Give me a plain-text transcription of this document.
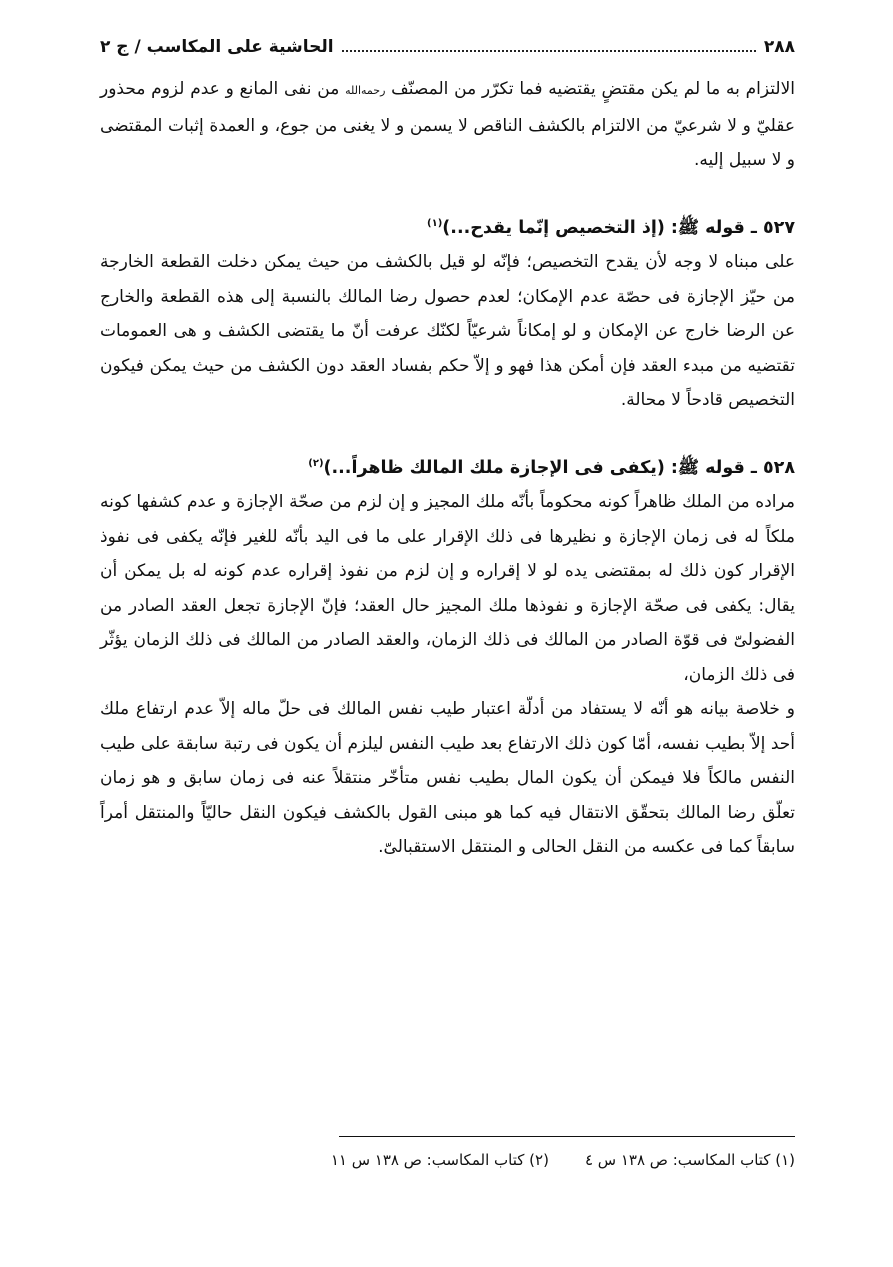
٢٨٨
الحاشية على المكاسب / ج ٢

الالتزام به ما لم يكن مقتضٍ يقتضيه فما تكرّر من المصنّف رحمه‌الله من نفى المانع و عدم لزوم محذور عقليّ و لا شرعيّ من الالتزام بالكشف الناقص لا يسمن و لا يغنى من جوع، و العمدة إثبات المقتضى و لا سبيل إليه.

٥٢٧ ـ قوله ﷺ: (إذ التخصيص إنّما يقدح...)$^{(١)}$

على مبناه لا وجه لأن يقدح التخصيص؛ فإنّه لو قيل بالكشف من حيث يمكن دخلت القطعة الخارجة من حيّز الإجازة فى حصّة عدم الإمكان؛ لعدم حصول رضا المالك بالنسبة إلى هذه القطعة والخارج عن الرضا خارج عن الإمكان و لو إمكاناً شرعيّاً لكنّك عرفت أنّ ما يقتضى الكشف و هى العمومات تقتضيه من مبدء العقد فإن أمكن هذا فهو و إلاّ حكم بفساد العقد دون الكشف من حيث يمكن فيكون التخصيص قادحاً لا محالة.

٥٢٨ ـ قوله ﷺ: (يكفى فى الإجازة ملك المالك ظاهراً...)$^{(٢)}$

مراده من الملك ظاهراً كونه محكوماً بأنّه ملك المجيز و إن لزم من صحّة الإجازة و عدم كشفها كونه ملكاً له فى زمان الإجازة و نظيرها فى ذلك الإقرار على ما فى اليد بأنّه للغير فإنّه يكفى فى نفوذ الإقرار كون ذلك له بمقتضى يده لو لا إقراره و إن لزم من نفوذ إقراره عدم كونه له بل يمكن أن يقال: يكفى فى صحّة الإجازة و نفوذها ملك المجيز حال العقد؛ فإنّ الإجازة تجعل العقد الصادر من الفضولىّ فى قوّة الصادر من المالك فى ذلك الزمان، والعقد الصادر من المالك فى ذلك الزمان يؤثّر فى ذلك الزمان،

و خلاصة بيانه هو أنّه لا يستفاد من أدلّة اعتبار طيب نفس المالك فى حلّ ماله إلاّ عدم ارتفاع ملك أحد إلاّ بطيب نفسه، أمّا كون ذلك الارتفاع بعد طيب النفس ليلزم أن يكون فى رتبة سابقة على طيب النفس مالكاً فلا فيمكن أن يكون المال بطيب نفس متأخّر منتقلاً عنه فى زمان سابق و هو زمان تعلّق رضا المالك بتحقّق الانتقال فيه كما هو مبنى القول بالكشف فيكون النقل حاليّاً والمنتقل أمراً سابقاً كما فى عكسه من النقل الحالى و المنتقل الاستقبالىّ.

(١) كتاب المكاسب: ص ١٣٨ س ٤
(٢) كتاب المكاسب: ص ١٣٨ س ١١
